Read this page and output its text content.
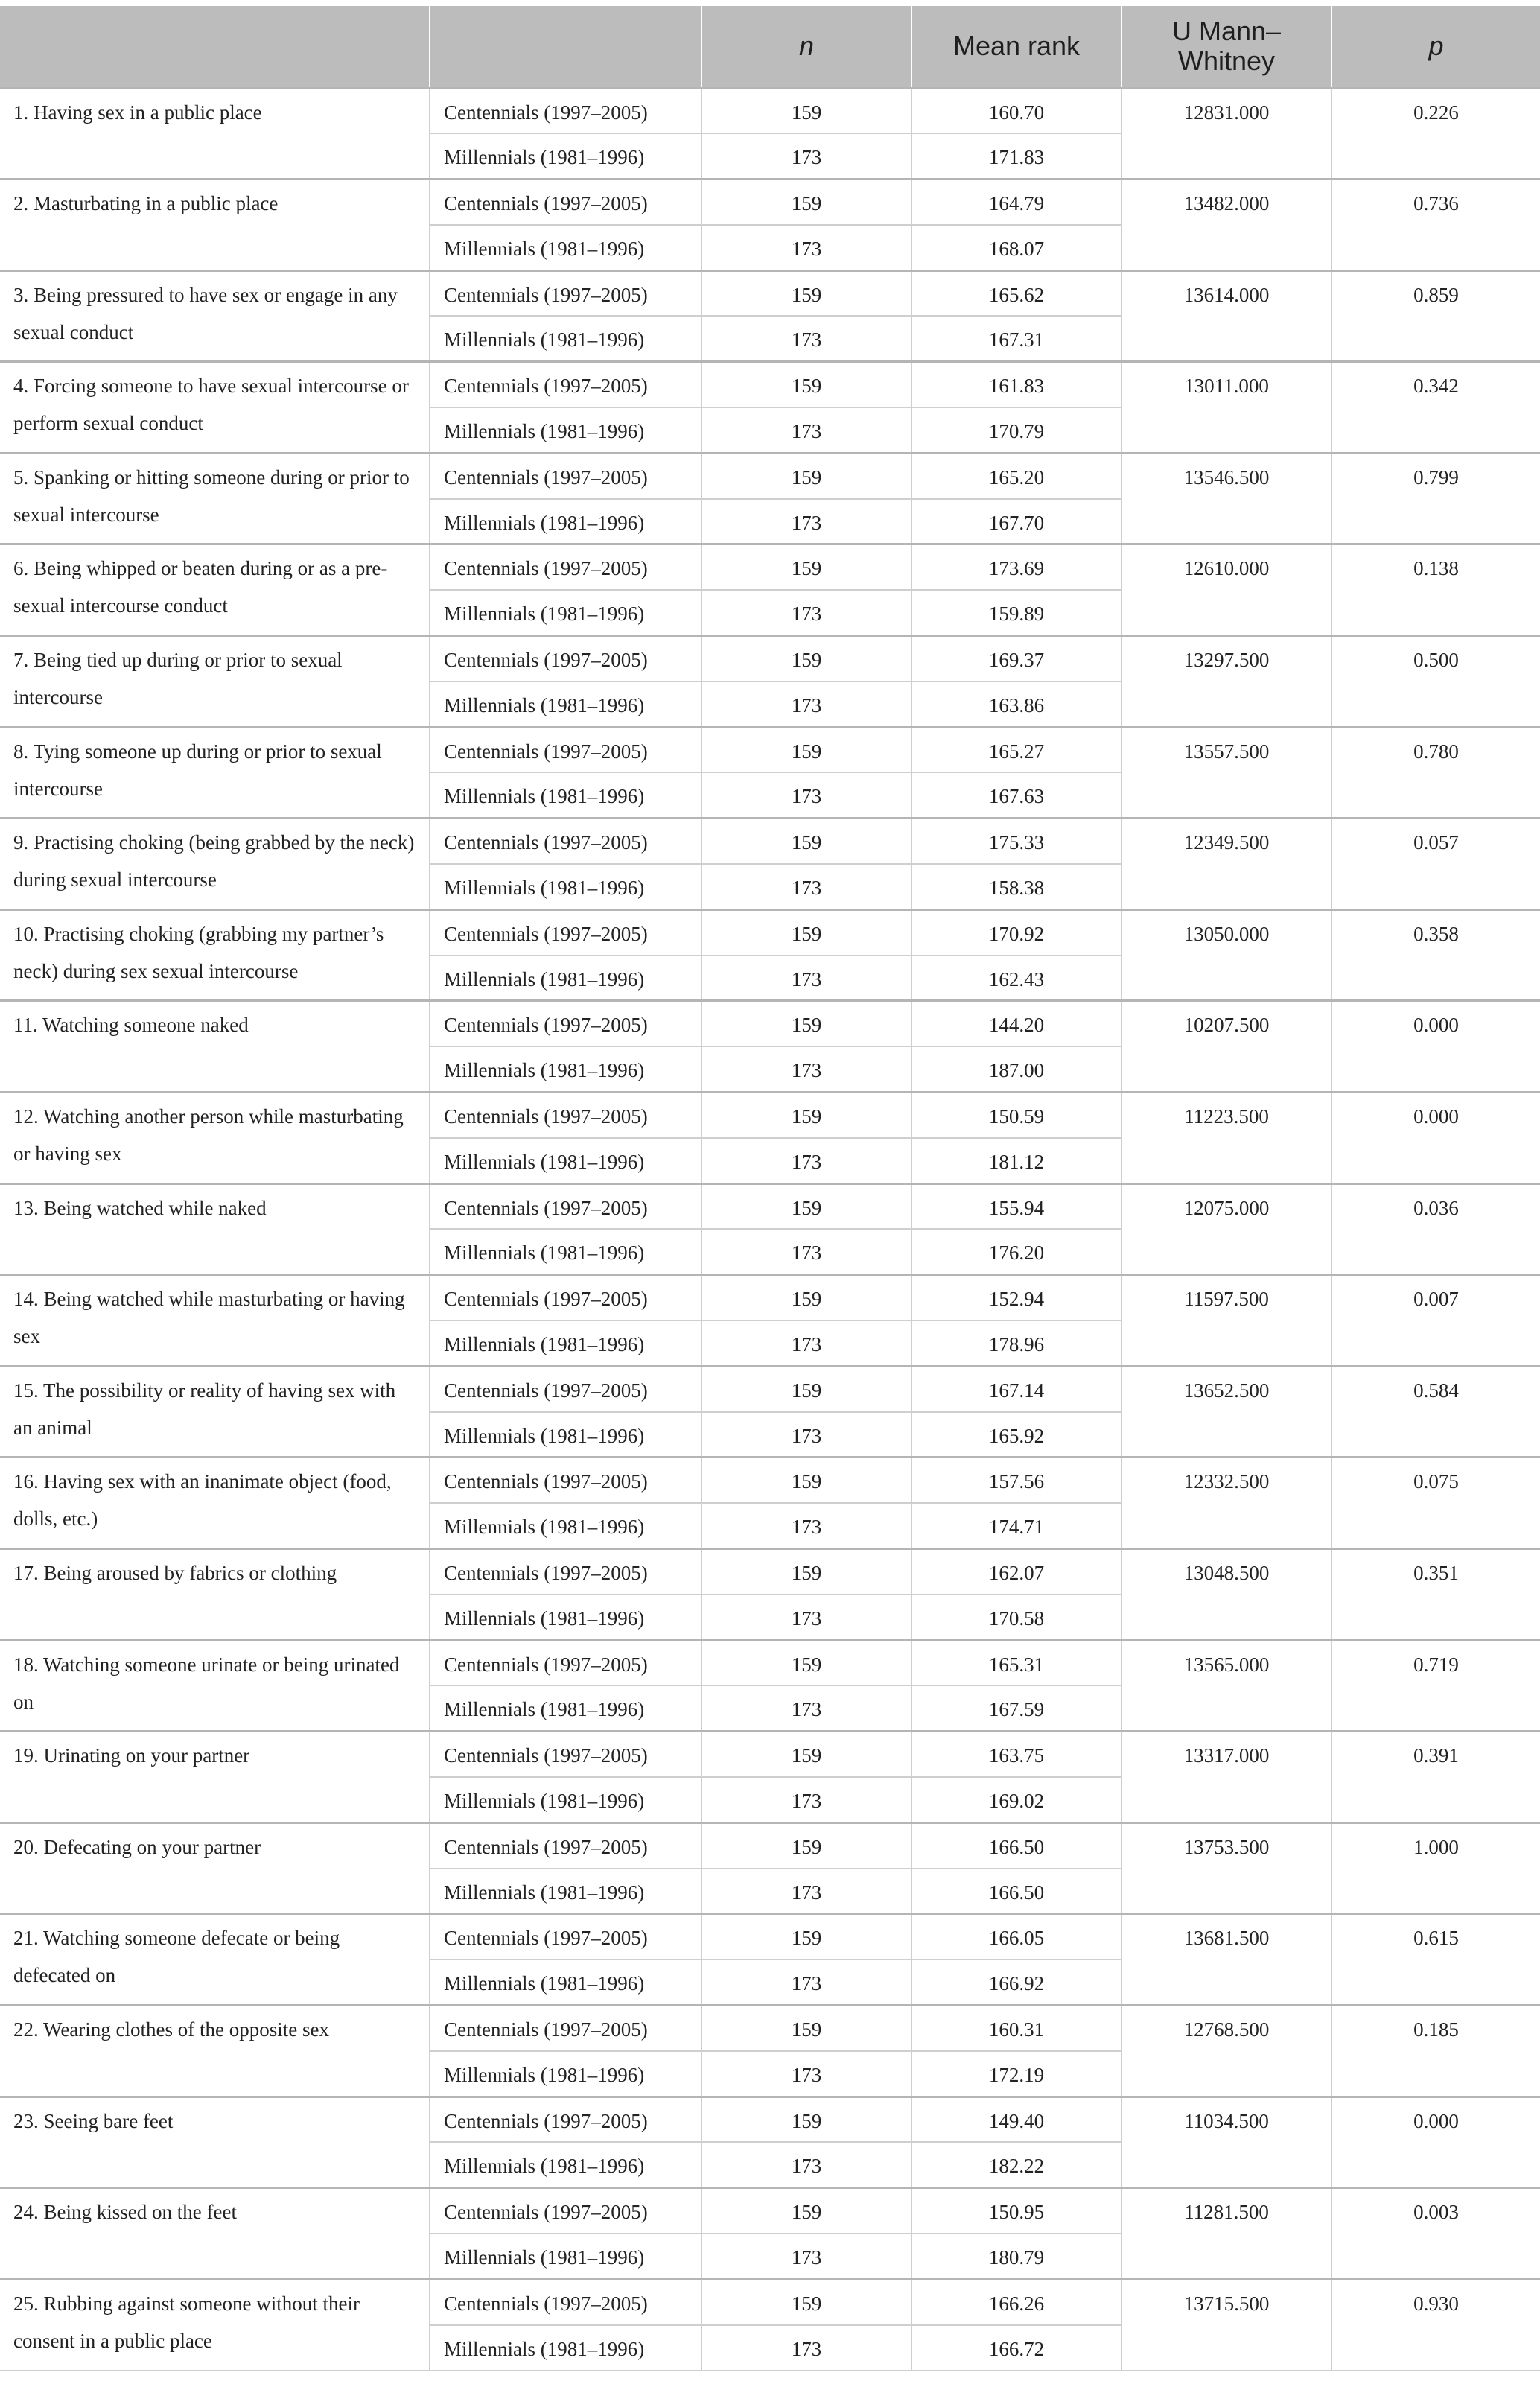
		n	Mean rank	U Mann–Whitney	p
1. Having sex in a public place	Centennials (1997–2005)	159	160.70	12831.000	0.226
	Millennials (1981–1996)	173	171.83		
2. Masturbating in a public place	Centennials (1997–2005)	159	164.79	13482.000	0.736
	Millennials (1981–1996)	173	168.07		
3. Being pressured to have sex or engage in any sexual conduct	Centennials (1997–2005)	159	165.62	13614.000	0.859
	Millennials (1981–1996)	173	167.31		
4. Forcing someone to have sexual intercourse or perform sexual conduct	Centennials (1997–2005)	159	161.83	13011.000	0.342
	Millennials (1981–1996)	173	170.79		
5. Spanking or hitting someone during or prior to sexual intercourse	Centennials (1997–2005)	159	165.20	13546.500	0.799
	Millennials (1981–1996)	173	167.70		
6. Being whipped or beaten during or as a pre-sexual intercourse conduct	Centennials (1997–2005)	159	173.69	12610.000	0.138
	Millennials (1981–1996)	173	159.89		
7. Being tied up during or prior to sexual intercourse	Centennials (1997–2005)	159	169.37	13297.500	0.500
	Millennials (1981–1996)	173	163.86		
8. Tying someone up during or prior to sexual intercourse	Centennials (1997–2005)	159	165.27	13557.500	0.780
	Millennials (1981–1996)	173	167.63		
9. Practising choking (being grabbed by the neck) during sexual intercourse	Centennials (1997–2005)	159	175.33	12349.500	0.057
	Millennials (1981–1996)	173	158.38		
10. Practising choking (grabbing my partner’s neck) during sex sexual intercourse	Centennials (1997–2005)	159	170.92	13050.000	0.358
	Millennials (1981–1996)	173	162.43		
11. Watching someone naked	Centennials (1997–2005)	159	144.20	10207.500	0.000
	Millennials (1981–1996)	173	187.00		
12. Watching another person while masturbating or having sex	Centennials (1997–2005)	159	150.59	11223.500	0.000
	Millennials (1981–1996)	173	181.12		
13. Being watched while naked	Centennials (1997–2005)	159	155.94	12075.000	0.036
	Millennials (1981–1996)	173	176.20		
14. Being watched while masturbating or having sex	Centennials (1997–2005)	159	152.94	11597.500	0.007
	Millennials (1981–1996)	173	178.96		
15. The possibility or reality of having sex with an animal	Centennials (1997–2005)	159	167.14	13652.500	0.584
	Millennials (1981–1996)	173	165.92		
16. Having sex with an inanimate object (food, dolls, etc.)	Centennials (1997–2005)	159	157.56	12332.500	0.075
	Millennials (1981–1996)	173	174.71		
17. Being aroused by fabrics or clothing	Centennials (1997–2005)	159	162.07	13048.500	0.351
	Millennials (1981–1996)	173	170.58		
18. Watching someone urinate or being urinated on	Centennials (1997–2005)	159	165.31	13565.000	0.719
	Millennials (1981–1996)	173	167.59		
19. Urinating on your partner	Centennials (1997–2005)	159	163.75	13317.000	0.391
	Millennials (1981–1996)	173	169.02		
20. Defecating on your partner	Centennials (1997–2005)	159	166.50	13753.500	1.000
	Millennials (1981–1996)	173	166.50		
21. Watching someone defecate or being defecated on	Centennials (1997–2005)	159	166.05	13681.500	0.615
	Millennials (1981–1996)	173	166.92		
22. Wearing clothes of the opposite sex	Centennials (1997–2005)	159	160.31	12768.500	0.185
	Millennials (1981–1996)	173	172.19		
23. Seeing bare feet	Centennials (1997–2005)	159	149.40	11034.500	0.000
	Millennials (1981–1996)	173	182.22		
24. Being kissed on the feet	Centennials (1997–2005)	159	150.95	11281.500	0.003
	Millennials (1981–1996)	173	180.79		
25. Rubbing against someone without their consent in a public place	Centennials (1997–2005)	159	166.26	13715.500	0.930
	Millennials (1981–1996)	173	166.72		
